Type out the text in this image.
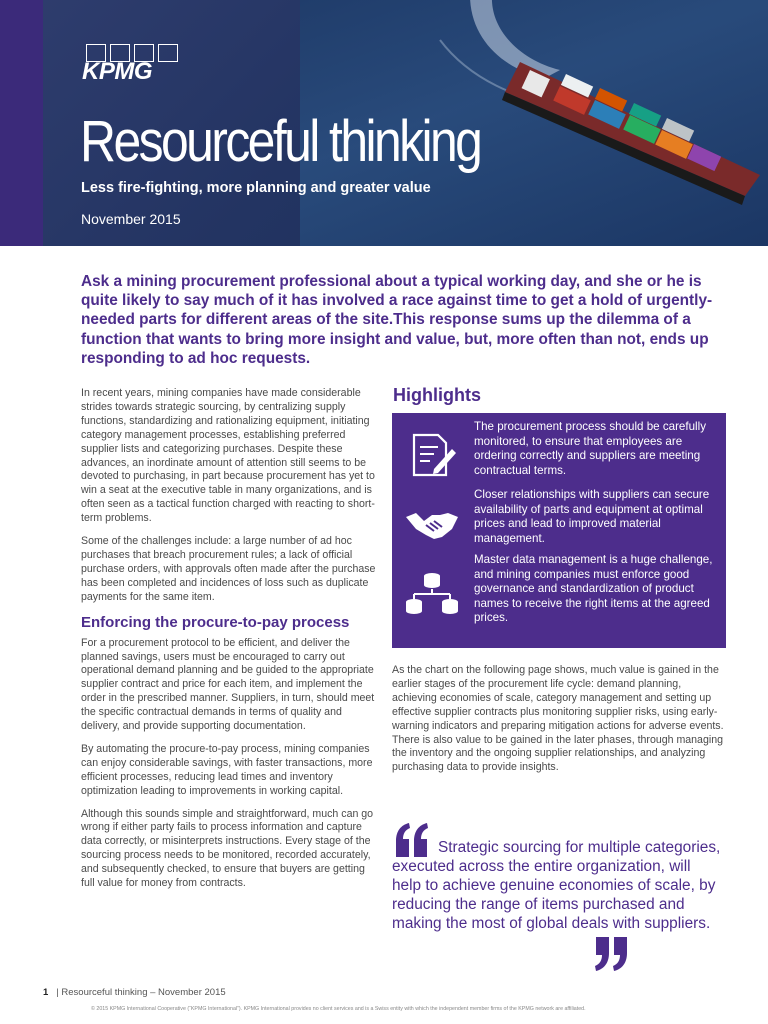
KPMG
Resourceful thinking
Less fire-fighting, more planning and greater value
November 2015

Ask a mining procurement professional about a typical working day, and she or he is quite likely to say much of it has involved a race against time to get a hold of urgently-needed parts for different areas of the site.This response sums up the dilemma of a function that wants to bring more insight and value, but, more often than not, ends up responding to ad hoc requests.

In recent years, mining companies have made considerable strides towards strategic sourcing, by centralizing supply functions, standardizing and rationalizing equipment, initiating category management processes, establishing preferred supplier lists and categorizing purchases. Despite these advances, an inordinate amount of attention still seems to be devoted to purchasing, in part because procurement has yet to win a seat at the executive table in many organizations, and is often seen as a tactical function charged with reacting to short-term problems.

Some of the challenges include: a large number of ad hoc purchases that breach procurement rules; a lack of official purchase orders, with approvals often made after the purchase has been completed and incidences of loss such as duplicate payments for the same item.

Enforcing the procure-to-pay process

For a procurement protocol to be efficient, and deliver the planned savings, users must be encouraged to carry out operational demand planning and be guided to the appropriate supplier contract and price for each item, and implement the order in the prescribed manner. Suppliers, in turn, should meet the specific contractual demands in terms of quality and delivery, and provide supporting documentation.

By automating the procure-to-pay process, mining companies can enjoy considerable savings, with faster transactions, more efficient processes, reducing lead times and inventory optimization leading to improvements in working capital.

Although this sounds simple and straightforward, much can go wrong if either party fails to process information and capture data correctly, or misinterprets instructions. Every stage of the sourcing process needs to be monitored, recorded accurately, and subsequently checked, to ensure that buyers are getting full value for money from contracts.

Highlights
The procurement process should be carefully monitored, to ensure that employees are ordering correctly and suppliers are meeting contractual terms.
Closer relationships with suppliers can secure availability of parts and equipment at optimal prices and lead to improved material management.
Master data management is a huge challenge, and mining companies must enforce good governance and standardization of product names to receive the right items at the agreed prices.

As the chart on the following page shows, much value is gained in the earlier stages of the procurement life cycle: demand planning, achieving economies of scale, category management and setting up effective supplier contracts plus monitoring supplier risks, using early-warning indicators and preparing mitigation actions for adverse events. There is also value to be gained in the later phases, through managing the inventory and the ongoing supplier relationships, and analyzing purchasing data to provide insights.

Strategic sourcing for multiple categories, executed across the entire organization, will help to achieve genuine economies of scale, by reducing the range of items purchased and making the most of global deals with suppliers.

1 | Resourceful thinking – November 2015
© 2015 KPMG International Cooperative (“KPMG International”). KPMG International provides no client services and is a Swiss entity with which the independent member firms of the KPMG network are affiliated.
